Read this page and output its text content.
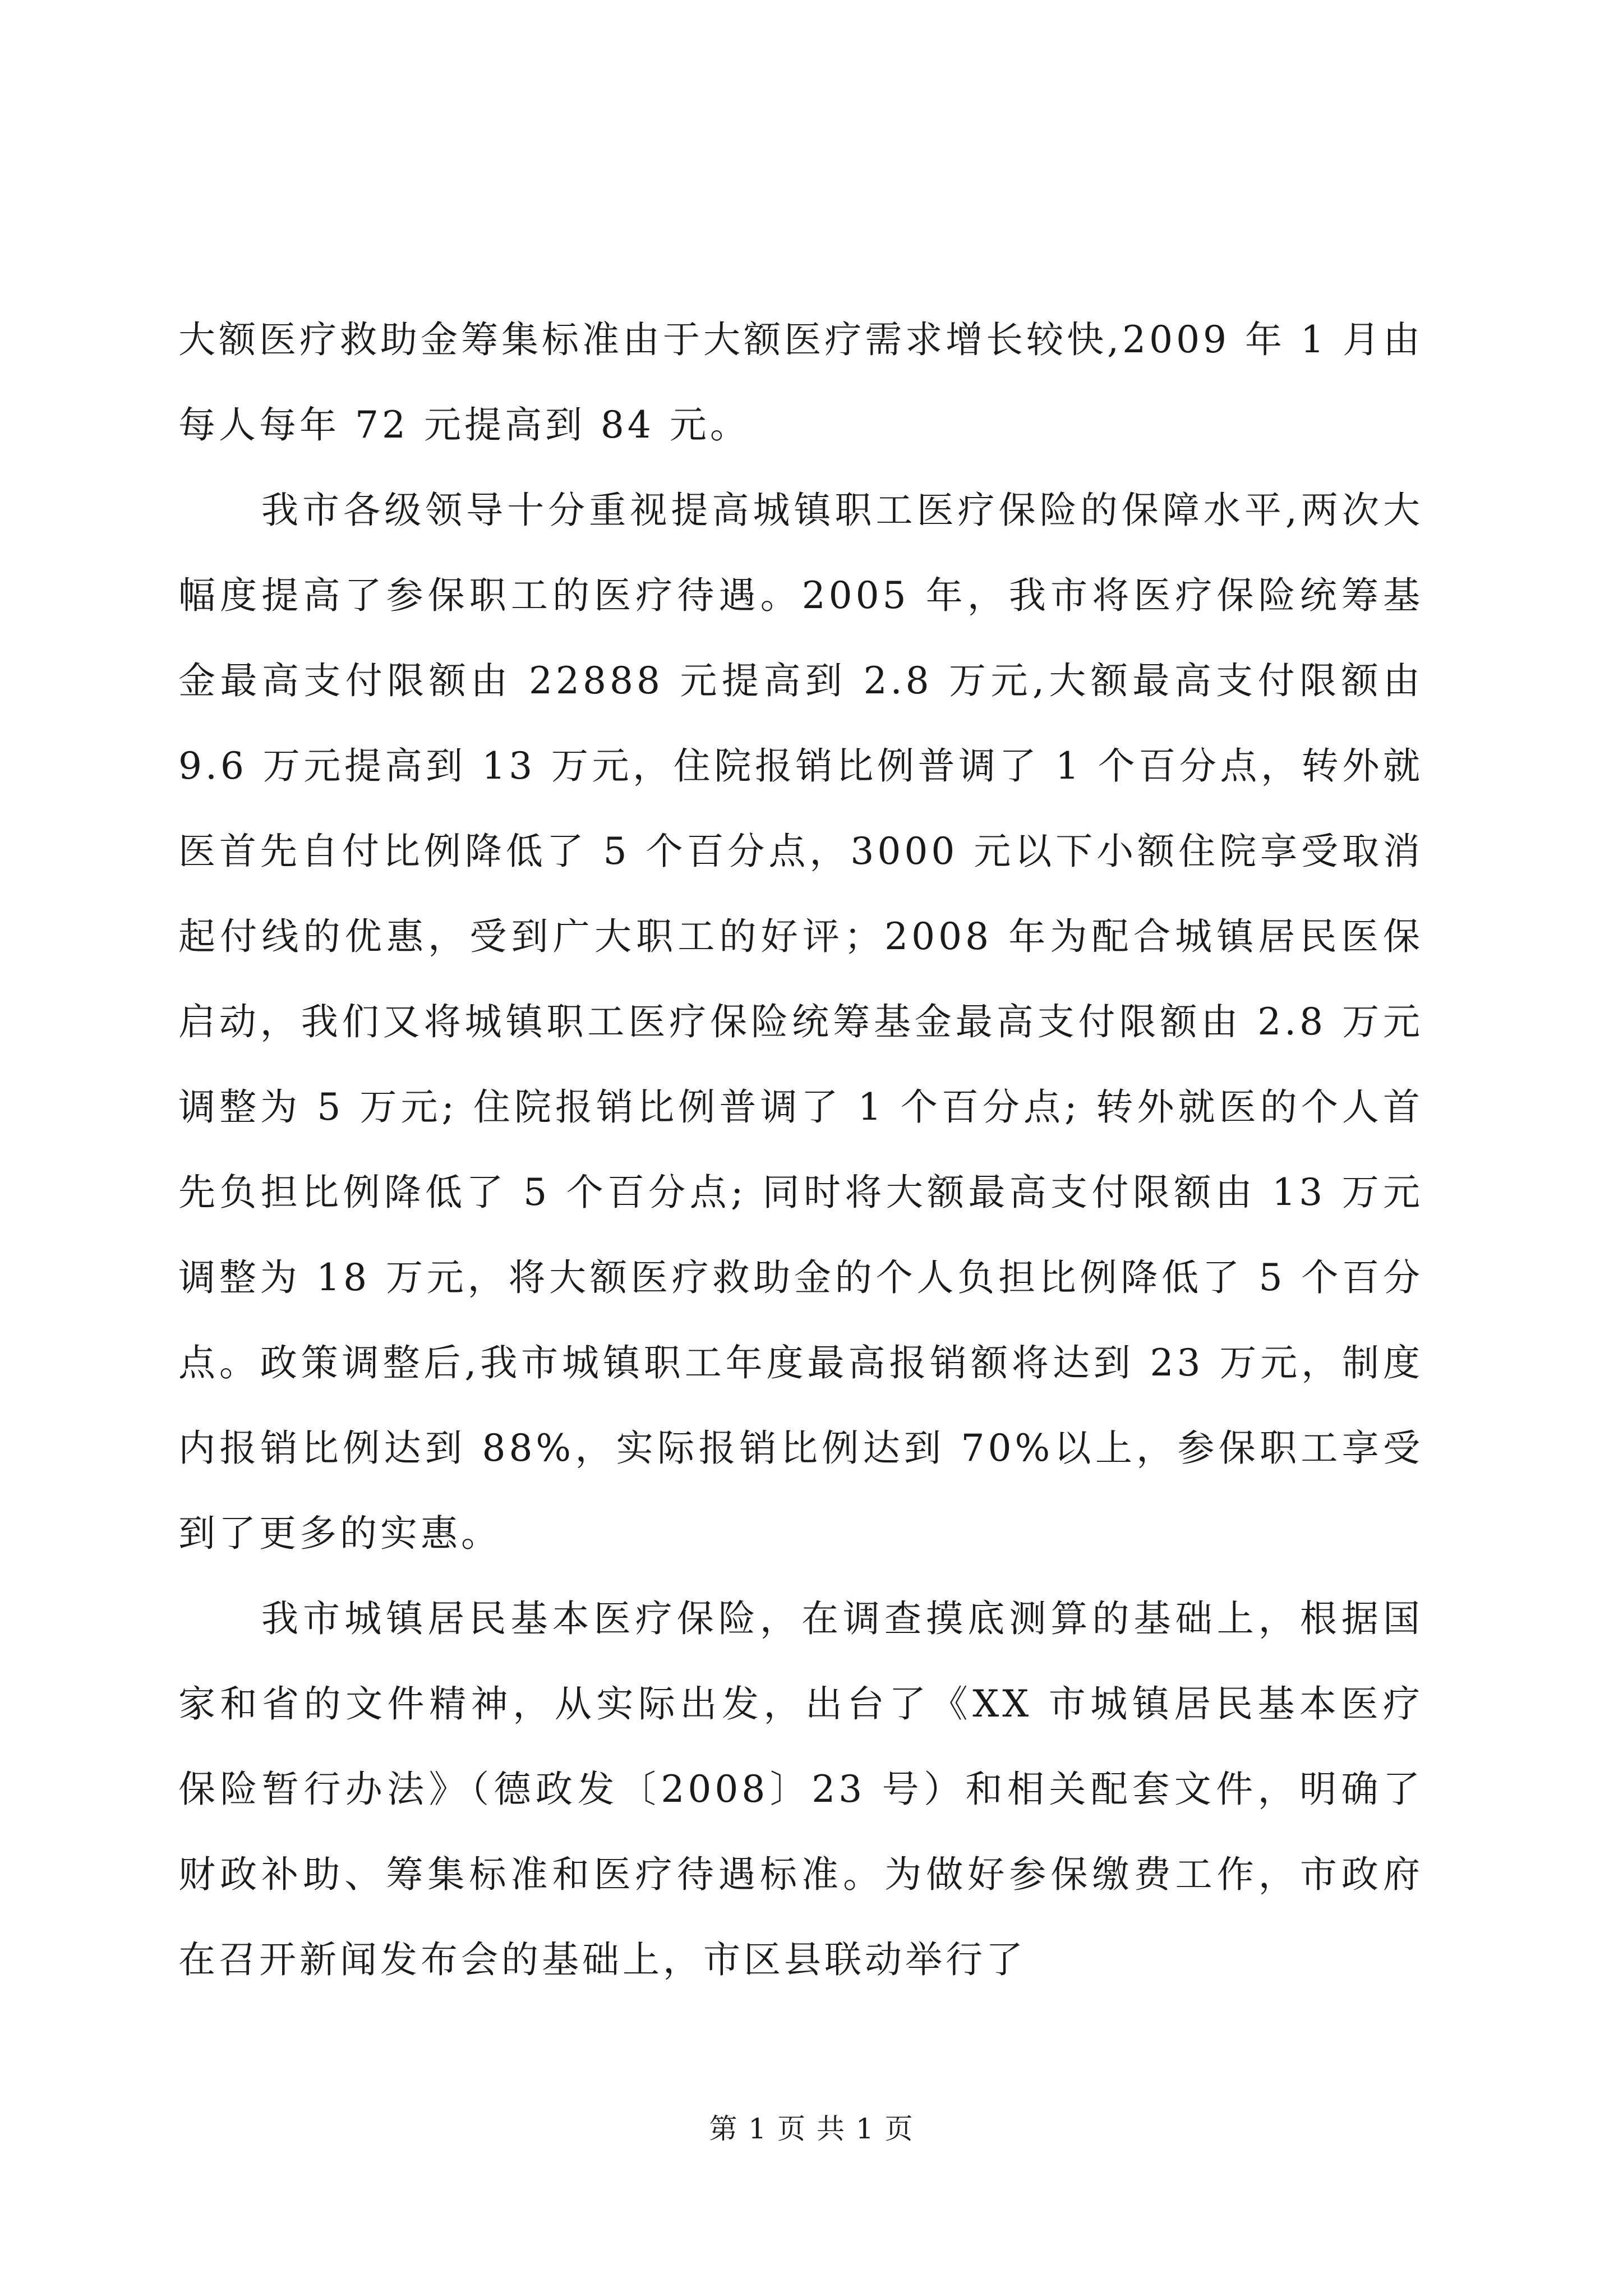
大额医疗救助金筹集标准由于大额医疗需求增长较快,2009 年 1 月由每人每年 72 元提高到 84 元。

我市各级领导十分重视提高城镇职工医疗保险的保障水平,两次大幅度提高了参保职工的医疗待遇。2005 年，我市将医疗保险统筹基金最高支付限额由 22888 元提高到 2.8 万元,大额最高支付限额由 9.6 万元提高到 13 万元，住院报销比例普调了 1 个百分点，转外就医首先自付比例降低了 5 个百分点，3000 元以下小额住院享受取消起付线的优惠，受到广大职工的好评；2008 年为配合城镇居民医保启动，我们又将城镇职工医疗保险统筹基金最高支付限额由 2.8 万元调整为 5 万元; 住院报销比例普调了 1 个百分点; 转外就医的个人首先负担比例降低了 5 个百分点; 同时将大额最高支付限额由 13 万元调整为 18 万元，将大额医疗救助金的个人负担比例降低了 5 个百分点。政策调整后,我市城镇职工年度最高报销额将达到 23 万元，制度内报销比例达到 88%，实际报销比例达到 70%以上，参保职工享受到了更多的实惠。

我市城镇居民基本医疗保险，在调查摸底测算的基础上，根据国家和省的文件精神，从实际出发，出台了《XX 市城镇居民基本医疗保险暂行办法》（德政发〔2008〕23 号）和相关配套文件，明确了财政补助、筹集标准和医疗待遇标准。为做好参保缴费工作，市政府在召开新闻发布会的基础上，市区县联动举行了

第 1 页 共 1 页
